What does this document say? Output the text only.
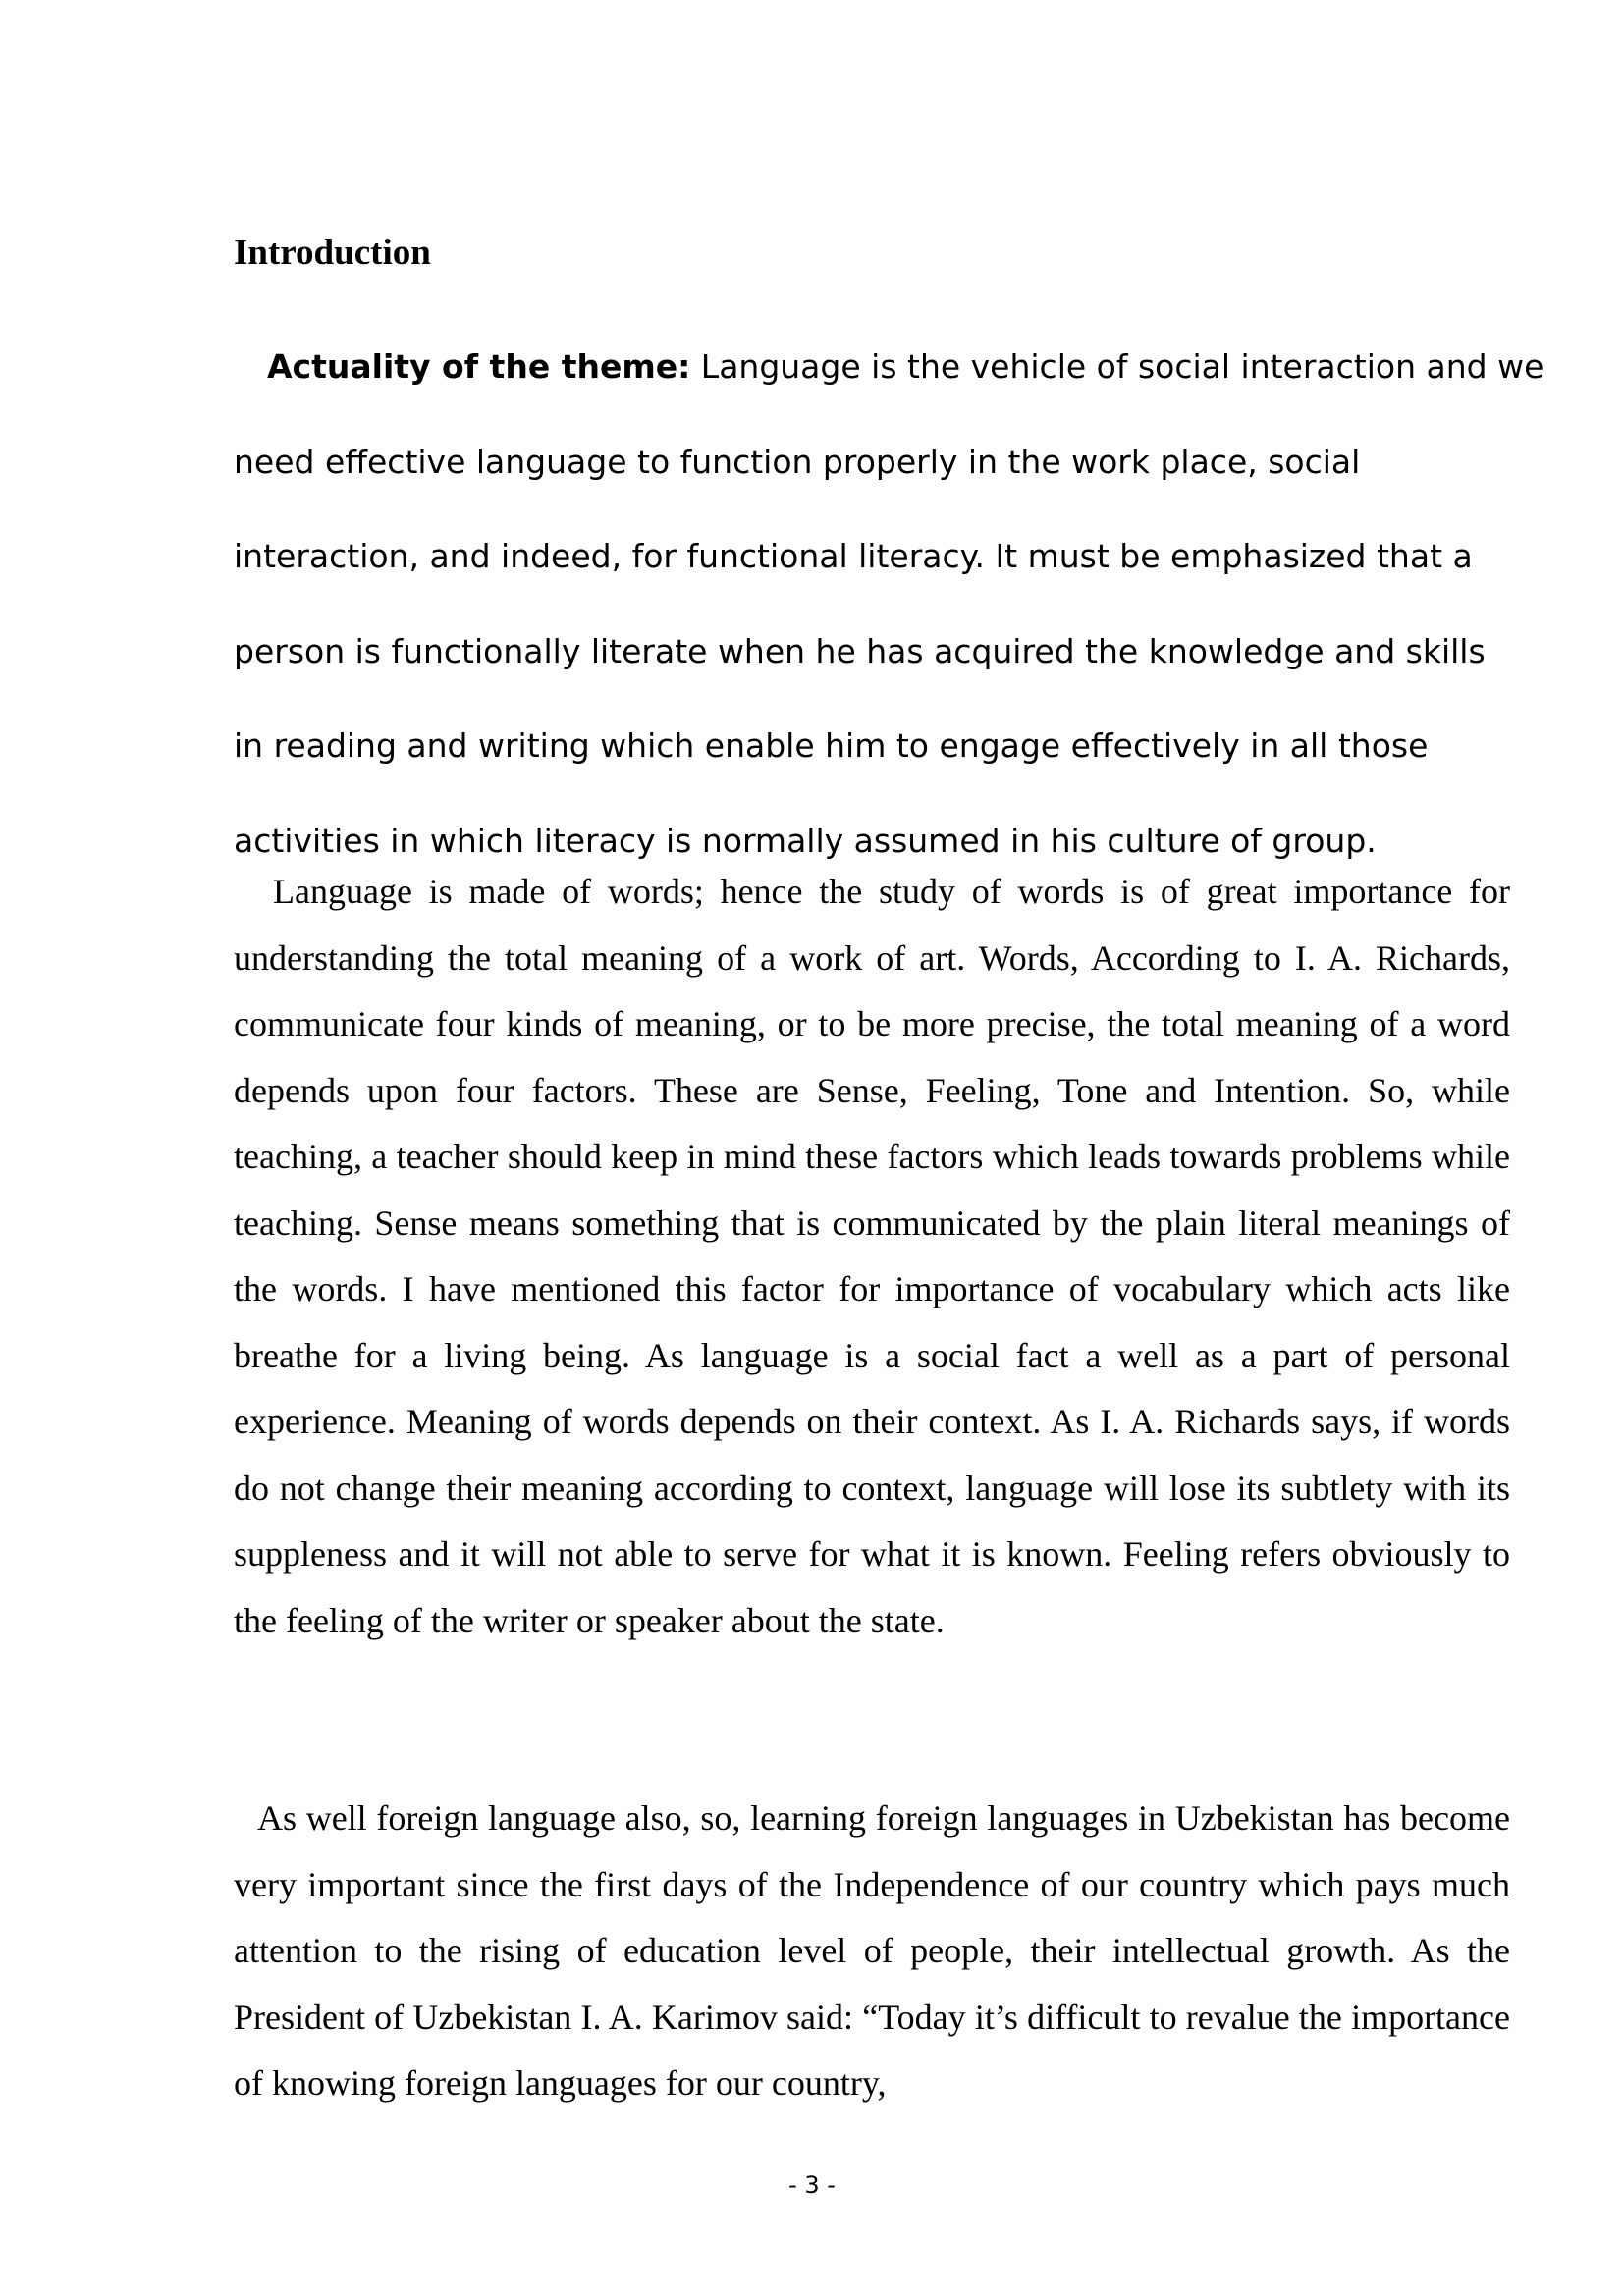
Introduction
Actuality of the theme: Language is the vehicle of social interaction and we
need effective language to function properly in the work place, social
interaction, and indeed, for functional literacy. It must be emphasized that a
person is functionally literate when he has acquired the knowledge and skills
in reading and writing which enable him to engage effectively in all those
activities in which literacy is normally assumed in his culture of group.

Language is made of words; hence the study of words is of great importance for understanding the total meaning of a work of art. Words, According to I. A. Richards, communicate four kinds of meaning, or to be more precise, the total meaning of a word depends upon four factors. These are Sense, Feeling, Tone and Intention. So, while teaching, a teacher should keep in mind these factors which leads towards problems while teaching. Sense means something that is communicated by the plain literal meanings of the words. I have mentioned this factor for importance of vocabulary which acts like breathe for a living being. As language is a social fact a well as a part of personal experience. Meaning of words depends on their context. As I. A. Richards says, if words do not change their meaning according to context, language will lose its subtlety with its suppleness and it will not able to serve for what it is known. Feeling refers obviously to the feeling of the writer or speaker about the state.

As well foreign language also, so, learning foreign languages in Uzbekistan has become very important since the first days of the Independence of our country which pays much attention to the rising of education level of people, their intellectual growth. As the President of Uzbekistan I. A. Karimov said: “Today it’s difficult to revalue the importance of knowing foreign languages for our country,

- 3 -
